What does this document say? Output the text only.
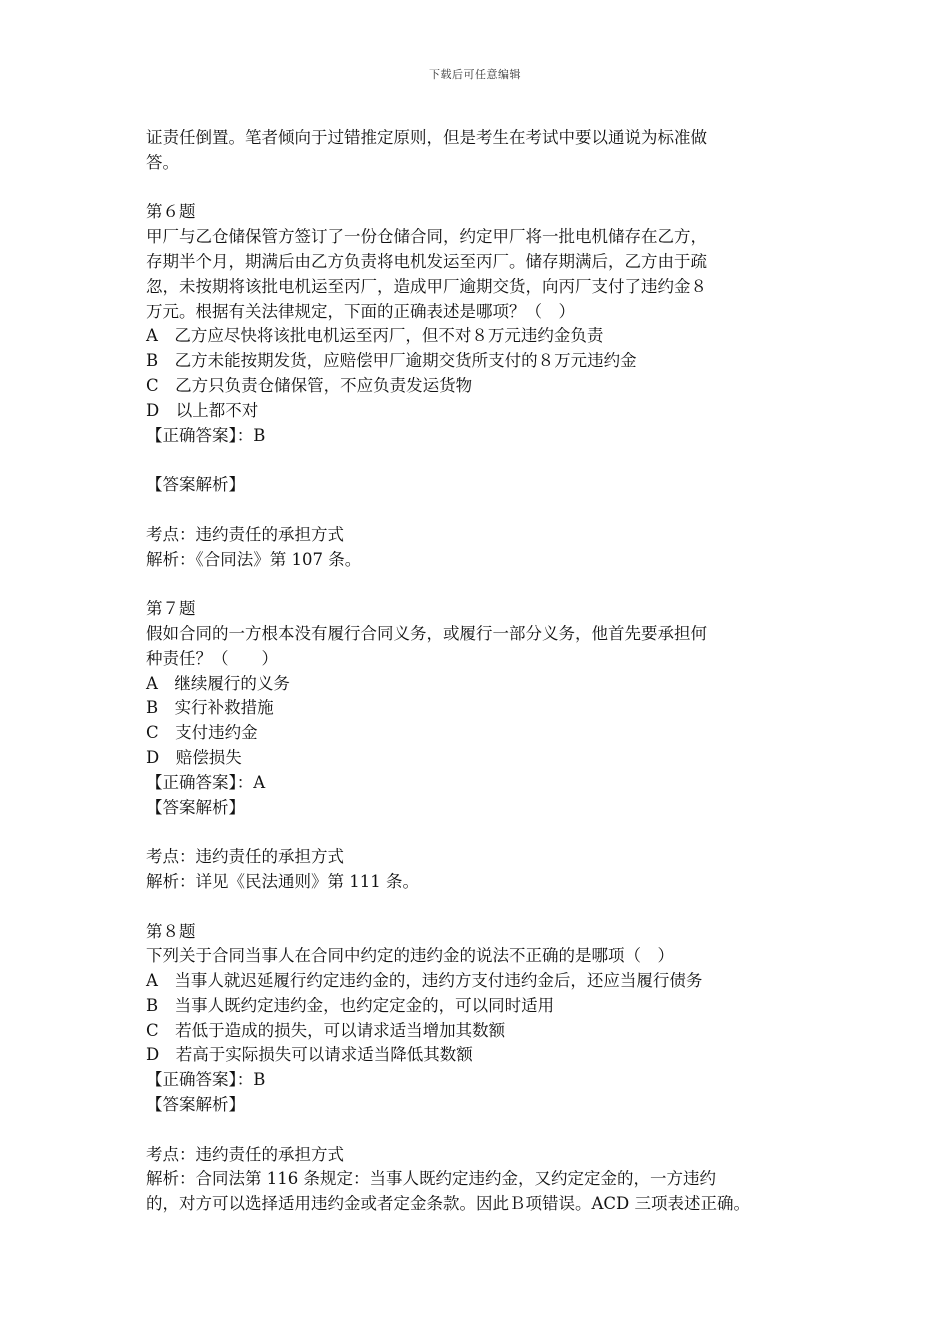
下载后可任意编辑
证责任倒置。笔者倾向于过错推定原则，但是考生在考试中要以通说为标准做
答。
第６题
甲厂与乙仓储保管方签订了一份仓储合同，约定甲厂将一批电机储存在乙方，
存期半个月，期满后由乙方负责将电机发运至丙厂。储存期满后，乙方由于疏
忽，未按期将该批电机运至丙厂，造成甲厂逾期交货，向丙厂支付了违约金８
万元。根据有关法律规定，下面的正确表述是哪项？（　）
A　乙方应尽快将该批电机运至丙厂，但不对８万元违约金负责
B　乙方未能按期发货，应赔偿甲厂逾期交货所支付的８万元违约金
C　乙方只负责仓储保管，不应负责发运货物
D　以上都不对
【正确答案】：B
【答案解析】
考点：违约责任的承担方式
解析：《合同法》第 107 条。
第７题
假如合同的一方根本没有履行合同义务，或履行一部分义务，他首先要承担何
种责任？（　　）
A　继续履行的义务
B　实行补救措施
C　支付违约金
D　赔偿损失
【正确答案】：A
【答案解析】
考点：违约责任的承担方式
解析：详见《民法通则》第 111 条。
第８题
下列关于合同当事人在合同中约定的违约金的说法不正确的是哪项（　）
A　当事人就迟延履行约定违约金的，违约方支付违约金后，还应当履行债务
B　当事人既约定违约金，也约定定金的，可以同时适用
C　若低于造成的损失，可以请求适当增加其数额
D　若高于实际损失可以请求适当降低其数额
【正确答案】：B
【答案解析】
考点：违约责任的承担方式
解析：合同法第 116 条规定：当事人既约定违约金，又约定定金的，一方违约
的，对方可以选择适用违约金或者定金条款。因此Ｂ项错误。ACD 三项表述正确。
